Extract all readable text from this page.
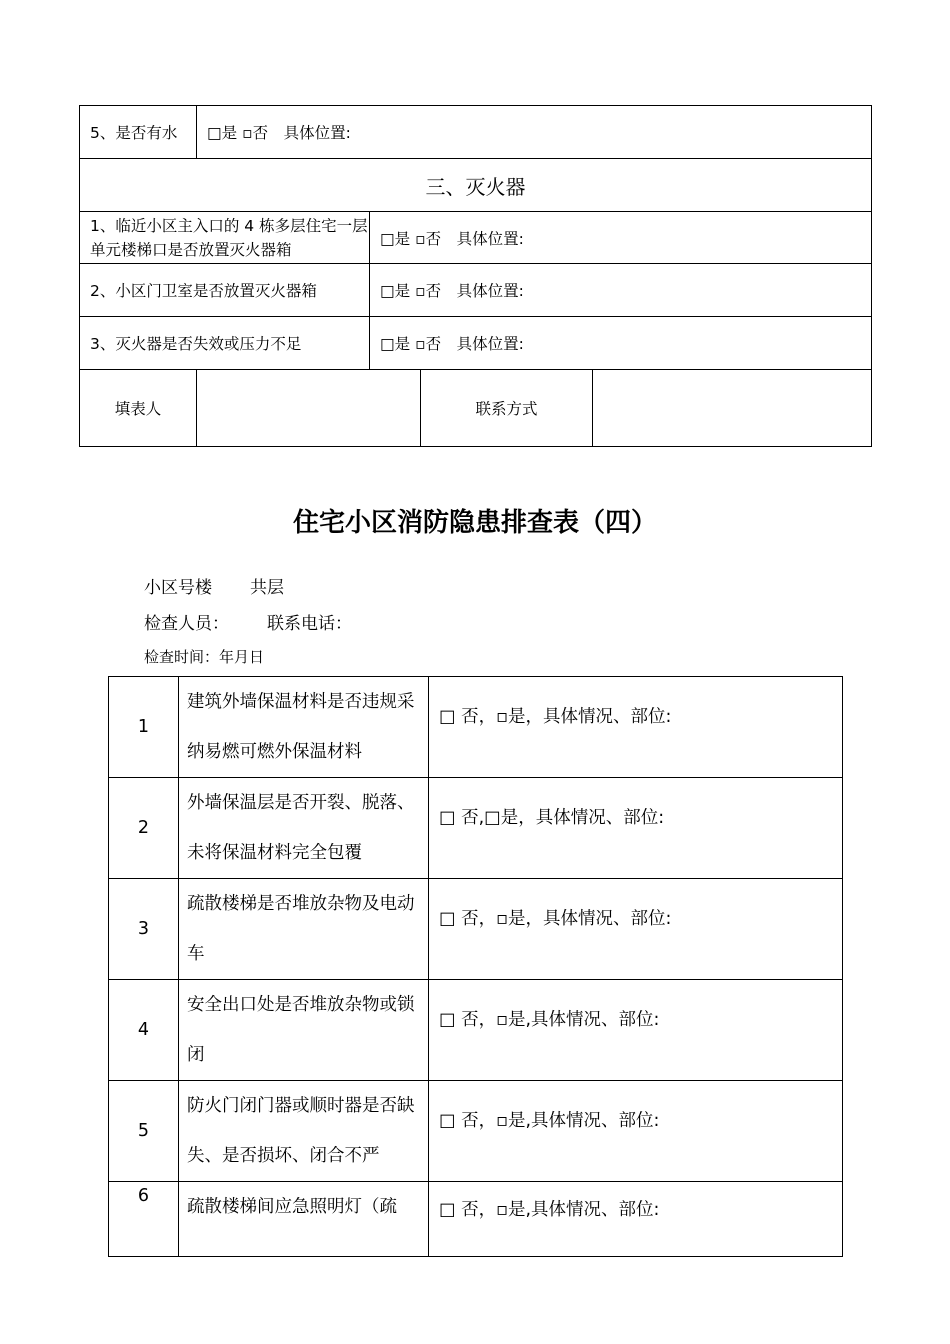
5、是否有水	□是 ▫否　具体位置:			
三、灭火器				
1、临近小区主入口的 4 栋多层住宅一层单元楼梯口是否放置灭火器箱		□是 ▫否　具体位置:		
2、小区门卫室是否放置灭火器箱		□是 ▫否　具体位置:		
3、灭火器是否失效或压力不足		□是 ▫否　具体位置:		
填表人			联系方式	
住宅小区消防隐患排查表（四）
小区号楼 共层
检查人员： 联系电话：
检查时间：年月日
1	建筑外墙保温材料是否违规采纳易燃可燃外保温材料	□ 否，▫是，具体情况、部位:
2	外墙保温层是否开裂、脱落、未将保温材料完全包覆	□ 否,□是，具体情况、部位:
3	疏散楼梯是否堆放杂物及电动车	□ 否，▫是，具体情况、部位:
4	安全出口处是否堆放杂物或锁闭	□ 否，▫是,具体情况、部位:
5	防火门闭门器或顺时器是否缺失、是否损坏、闭合不严	□ 否，▫是,具体情况、部位:
6	疏散楼梯间应急照明灯（疏	□ 否，▫是,具体情况、部位:
